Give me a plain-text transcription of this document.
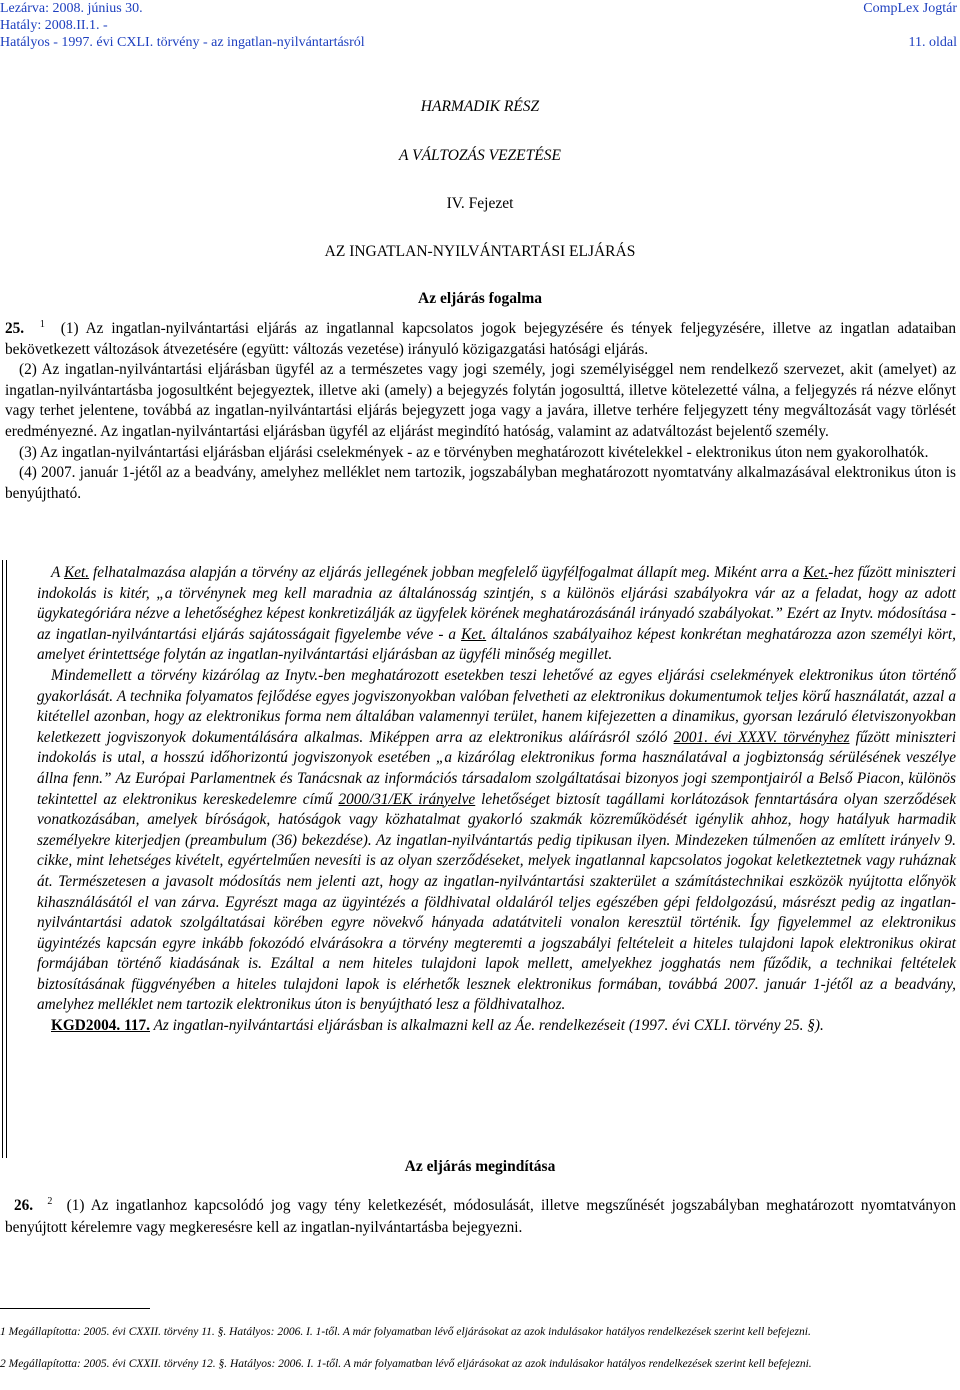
Lezárva: 2008. június 30.
Hatály: 2008.II.1. -
Hatályos - 1997. évi CXLI. törvény - az ingatlan-nyilvántartásról
CompLex Jogtár
11. oldal
HARMADIK RÉSZ
A VÁLTOZÁS VEZETÉSE
IV. Fejezet
AZ INGATLAN-NYILVÁNTARTÁSI ELJÁRÁS
Az eljárás fogalma

25. $^1$ (1) Az ingatlan-nyilvántartási eljárás az ingatlannal kapcsolatos jogok bejegyzésére és tények feljegyzésére, illetve az ingatlan adataiban bekövetkezett változások átvezetésére (együtt: változás vezetése) irányuló közigazgatási hatósági eljárás.

(2) Az ingatlan-nyilvántartási eljárásban ügyfél az a természetes vagy jogi személy, jogi személyiséggel nem rendelkező szervezet, akit (amelyet) az ingatlan-nyilvántartásba jogosultként bejegyeztek, illetve aki (amely) a bejegyzés folytán jogosulttá, illetve kötelezetté válna, a feljegyzés rá nézve előnyt vagy terhet jelentene, továbbá az ingatlan-nyilvántartási eljárás bejegyzett joga vagy a javára, illetve terhére feljegyzett tény megváltozását vagy törlését eredményezné. Az ingatlan-nyilvántartási eljárásban ügyfél az eljárást megindító hatóság, valamint az adatváltozást bejelentő személy.

(3) Az ingatlan-nyilvántartási eljárásban eljárási cselekmények - az e törvényben meghatározott kivételekkel - elektronikus úton nem gyakorolhatók.

(4) 2007. január 1-jétől az a beadvány, amelyhez melléklet nem tartozik, jogszabályban meghatározott nyomtatvány alkalmazásával elektronikus úton is benyújtható.

A Ket. felhatalmazása alapján a törvény az eljárás jellegének jobban megfelelő ügyfélfogalmat állapít meg. Miként arra a Ket.-hez fűzött miniszteri indokolás is kitér, „a törvénynek meg kell maradnia az általánosság szintjén, s a különös eljárási szabályokra vár az a feladat, hogy az adott ügykategóriára nézve a lehetőséghez képest konkretizálják az ügyfelek körének meghatározásánál irányadó szabályokat.” Ezért az Inytv. módosítása - az ingatlan-nyilvántartási eljárás sajátosságait figyelembe véve - a Ket. általános szabályaihoz képest konkrétan meghatározza azon személyi kört, amelyet érintettsége folytán az ingatlan-nyilvántartási eljárásban az ügyféli minőség megillet.

Mindemellett a törvény kizárólag az Inytv.-ben meghatározott esetekben teszi lehetővé az egyes eljárási cselekmények elektronikus úton történő gyakorlását. A technika folyamatos fejlődése egyes jogviszonyokban valóban felvetheti az elektronikus dokumentumok teljes körű használatát, azzal a kitétellel azonban, hogy az elektronikus forma nem általában valamennyi terület, hanem kifejezetten a dinamikus, gyorsan lezáruló életviszonyokban keletkezett jogviszonyok dokumentálására alkalmas. Miképpen arra az elektronikus aláírásról szóló 2001. évi XXXV. törvényhez fűzött miniszteri indokolás is utal, a hosszú időhorizontú jogviszonyok esetében „a kizárólag elektronikus forma használatával a jogbiztonság sérülésének veszélye állna fenn.” Az Európai Parlamentnek és Tanácsnak az információs társadalom szolgáltatásai bizonyos jogi szempontjairól a Belső Piacon, különös tekintettel az elektronikus kereskedelemre című 2000/31/EK irányelve lehetőséget biztosít tagállami korlátozások fenntartására olyan szerződések vonatkozásában, amelyek bíróságok, hatóságok vagy közhatalmat gyakorló szakmák közreműködését igénylik ahhoz, hogy hatályuk harmadik személyekre kiterjedjen (preambulum (36) bekezdése). Az ingatlan-nyilvántartás pedig tipikusan ilyen. Mindezeken túlmenően az említett irányelv 9. cikke, mint lehetséges kivételt, egyértelműen nevesíti is az olyan szerződéseket, melyek ingatlannal kapcsolatos jogokat keletkeztetnek vagy ruháznak át. Természetesen a javasolt módosítás nem jelenti azt, hogy az ingatlan-nyilvántartási szakterület a számítástechnikai eszközök nyújtotta előnyök kihasználásától el van zárva. Egyrészt maga az ügyintézés a földhivatal oldaláról teljes egészében gépi feldolgozású, másrészt pedig az ingatlan-nyilvántartási adatok szolgáltatásai körében egyre növekvő hányada adatátviteli vonalon keresztül történik. Így figyelemmel az elektronikus ügyintézés kapcsán egyre inkább fokozódó elvárásokra a törvény megteremti a jogszabályi feltételeit a hiteles tulajdoni lapok elektronikus okirat formájában történő kiadásának is. Ezáltal a nem hiteles tulajdoni lapok mellett, amelyekhez jogghatás nem fűződik, a technikai feltételek biztosításának függvényében a hiteles tulajdoni lapok is elérhetők lesznek elektronikus formában, továbbá 2007. január 1-jétől az a beadvány, amelyhez melléklet nem tartozik elektronikus úton is benyújtható lesz a földhivatalhoz.

KGD2004. 117. Az ingatlan-nyilvántartási eljárásban is alkalmazni kell az Áe. rendelkezéseit (1997. évi CXLI. törvény 25. §).

Az eljárás megindítása

26. $^2$ (1) Az ingatlanhoz kapcsolódó jog vagy tény keletkezését, módosulását, illetve megszűnését jogszabályban meghatározott nyomtatványon benyújtott kérelemre vagy megkeresésre kell az ingatlan-nyilvántartásba bejegyezni.

1 Megállapította: 2005. évi CXXII. törvény 11. §. Hatályos: 2006. I. 1-től. A már folyamatban lévő eljárásokat az azok indulásakor hatályos rendelkezések szerint kell befejezni.
2 Megállapította: 2005. évi CXXII. törvény 12. §. Hatályos: 2006. I. 1-től. A már folyamatban lévő eljárásokat az azok indulásakor hatályos rendelkezések szerint kell befejezni.
